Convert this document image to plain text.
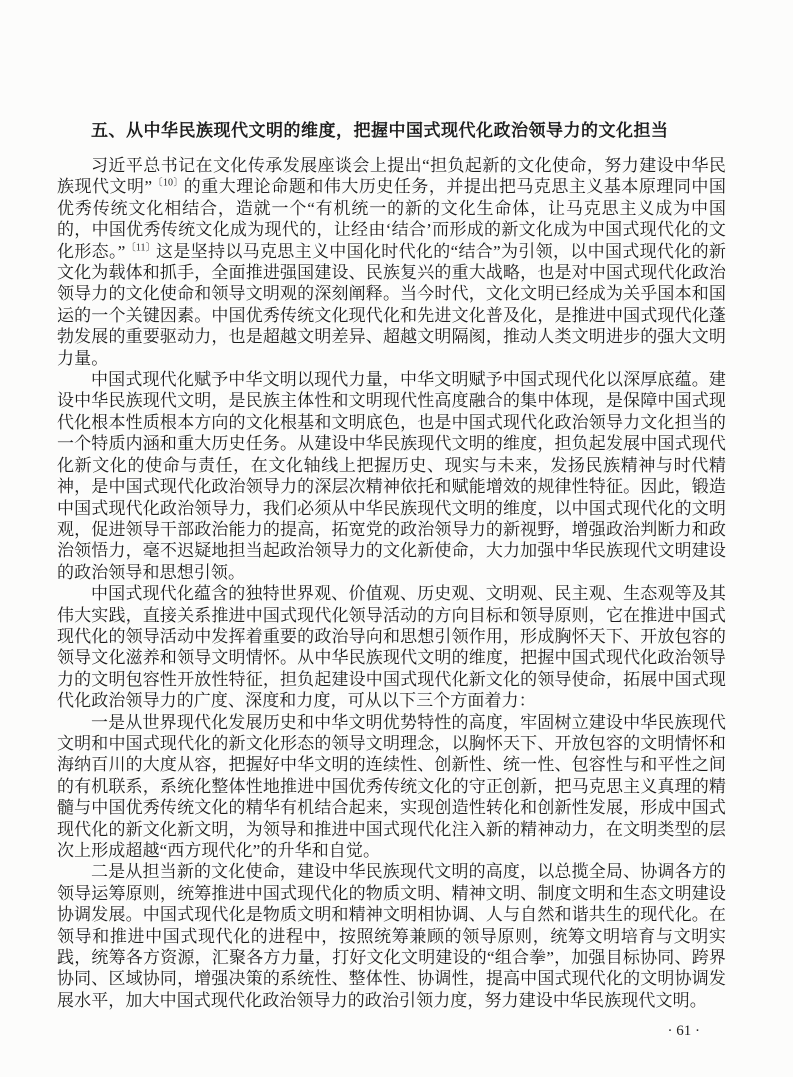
五、从中华民族现代文明的维度，把握中国式现代化政治领导力的文化担当

习近平总书记在文化传承发展座谈会上提出“担负起新的文化使命，努力建设中华民族现代文明”$^{〔10〕}$的重大理论命题和伟大历史任务，并提出把马克思主义基本原理同中国优秀传统文化相结合，造就一个“有机统一的新的文化生命体，让马克思主义成为中国的，中国优秀传统文化成为现代的，让经由‘结合’而形成的新文化成为中国式现代化的文化形态。”$^{〔11〕}$这是坚持以马克思主义中国化时代化的“结合”为引领，以中国式现代化的新文化为载体和抓手，全面推进强国建设、民族复兴的重大战略，也是对中国式现代化政治领导力的文化使命和领导文明观的深刻阐释。当今时代，文化文明已经成为关乎国本和国运的一个关键因素。中国优秀传统文化现代化和先进文化普及化，是推进中国式现代化蓬勃发展的重要驱动力，也是超越文明差异、超越文明隔阂，推动人类文明进步的强大文明力量。

中国式现代化赋予中华文明以现代力量，中华文明赋予中国式现代化以深厚底蕴。建设中华民族现代文明，是民族主体性和文明现代性高度融合的集中体现，是保障中国式现代化根本性质根本方向的文化根基和文明底色，也是中国式现代化政治领导力文化担当的一个特质内涵和重大历史任务。从建设中华民族现代文明的维度，担负起发展中国式现代化新文化的使命与责任，在文化轴线上把握历史、现实与未来，发扬民族精神与时代精神，是中国式现代化政治领导力的深层次精神依托和赋能增效的规律性特征。因此，锻造中国式现代化政治领导力，我们必须从中华民族现代文明的维度，以中国式现代化的文明观，促进领导干部政治能力的提高，拓宽党的政治领导力的新视野，增强政治判断力和政治领悟力，毫不迟疑地担当起政治领导力的文化新使命，大力加强中华民族现代文明建设的政治领导和思想引领。

中国式现代化蕴含的独特世界观、价值观、历史观、文明观、民主观、生态观等及其伟大实践，直接关系推进中国式现代化领导活动的方向目标和领导原则，它在推进中国式现代化的领导活动中发挥着重要的政治导向和思想引领作用，形成胸怀天下、开放包容的领导文化滋养和领导文明情怀。从中华民族现代文明的维度，把握中国式现代化政治领导力的文明包容性开放性特征，担负起建设中国式现代化新文化的领导使命，拓展中国式现代化政治领导力的广度、深度和力度，可从以下三个方面着力：

一是从世界现代化发展历史和中华文明优势特性的高度，牢固树立建设中华民族现代文明和中国式现代化的新文化形态的领导文明理念，以胸怀天下、开放包容的文明情怀和海纳百川的大度从容，把握好中华文明的连续性、创新性、统一性、包容性与和平性之间的有机联系，系统化整体性地推进中国优秀传统文化的守正创新，把马克思主义真理的精髓与中国优秀传统文化的精华有机结合起来，实现创造性转化和创新性发展，形成中国式现代化的新文化新文明，为领导和推进中国式现代化注入新的精神动力，在文明类型的层次上形成超越“西方现代化”的升华和自觉。

二是从担当新的文化使命，建设中华民族现代文明的高度，以总揽全局、协调各方的领导运筹原则，统筹推进中国式现代化的物质文明、精神文明、制度文明和生态文明建设协调发展。中国式现代化是物质文明和精神文明相协调、人与自然和谐共生的现代化。在领导和推进中国式现代化的进程中，按照统筹兼顾的领导原则，统筹文明培育与文明实践，统筹各方资源，汇聚各方力量，打好文化文明建设的“组合拳”，加强目标协同、跨界协同、区域协同，增强决策的系统性、整体性、协调性，提高中国式现代化的文明协调发展水平，加大中国式现代化政治领导力的政治引领力度，努力建设中华民族现代文明。

· 61 ·
